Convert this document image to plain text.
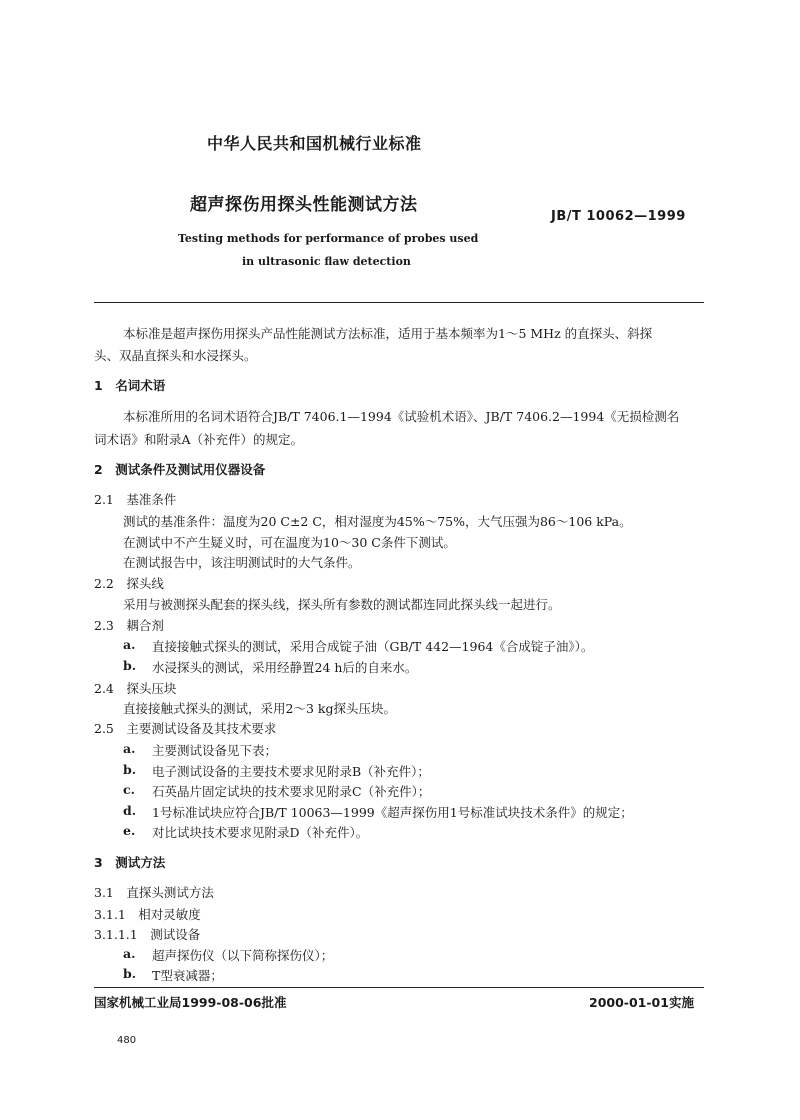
中华人民共和国机械行业标准
超声探伤用探头性能测试方法
JB/T 10062—1999
Testing methods for performance of probes used
in ultrasonic flaw detection
本标准是超声探伤用探头产品性能测试方法标准，适用于基本频率为1～5 MHz 的直探头、斜探
头、双晶直探头和水浸探头。
1　名词术语
本标准所用的名词术语符合JB/T 7406.1—1994《试验机术语》、JB/T 7406.2—1994《无损检测名
词术语》和附录A（补充件）的规定。
2　测试条件及测试用仪器设备
2.1　基准条件
测试的基准条件：温度为20 C±2 C，相对湿度为45%～75%，大气压强为86～106 kPa。
在测试中不产生疑义时，可在温度为10～30 C条件下测试。
在测试报告中，该注明测试时的大气条件。
2.2　探头线
采用与被测探头配套的探头线，探头所有参数的测试都连同此探头线一起进行。
2.3　耦合剂
a. 直接接触式探头的测试，采用合成锭子油（GB/T 442—1964《合成锭子油》）。
b. 水浸探头的测试，采用经静置24 h后的自来水。
2.4　探头压块
直接接触式探头的测试，采用2～3 kg探头压块。
2.5　主要测试设备及其技术要求
a. 主要测试设备见下表；
b. 电子测试设备的主要技术要求见附录B（补充件）；
c. 石英晶片固定试块的技术要求见附录C（补充件）；
d. 1号标准试块应符合JB/T 10063—1999《超声探伤用1号标准试块技术条件》的规定；
e. 对比试块技术要求见附录D（补充件）。
3　测试方法
3.1　直探头测试方法
3.1.1　相对灵敏度
3.1.1.1　测试设备
a. 超声探伤仪（以下简称探伤仪）；
b. T型衰减器；
国家机械工业局1999-08-06批准	2000-01-01实施
480
